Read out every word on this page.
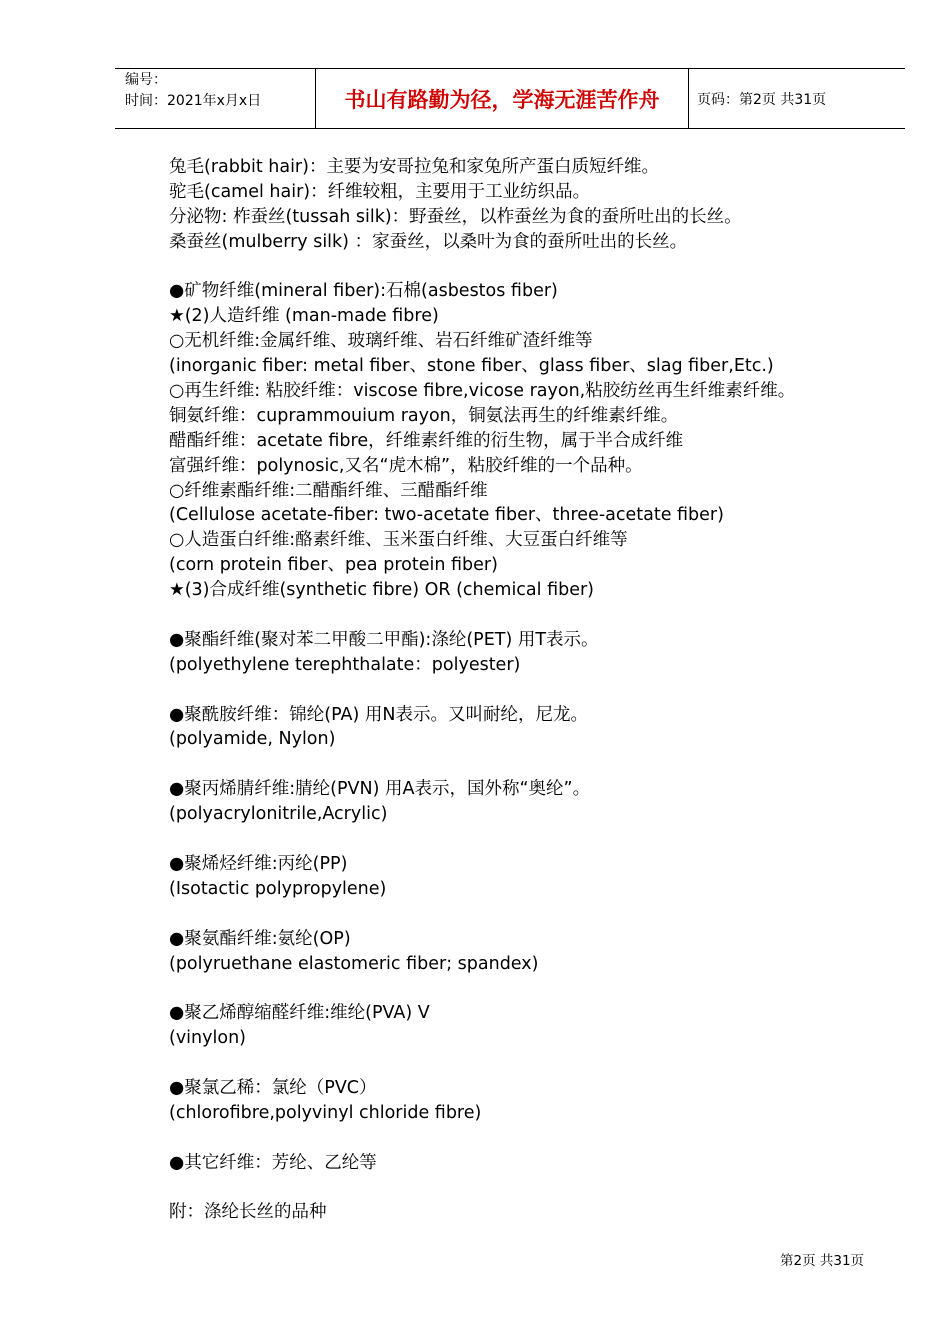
编号：
时间：2021年x月x日	书山有路勤为径，学海无涯苦作舟	页码：第2页 共31页
兔毛(rabbit hair)：主要为安哥拉兔和家兔所产蛋白质短纤维。
驼毛(camel hair)：纤维较粗，主要用于工业纺织品。
分泌物: 柞蚕丝(tussah silk)：野蚕丝，以柞蚕丝为食的蚕所吐出的长丝。
桑蚕丝(mulberry silk) ：家蚕丝，以桑叶为食的蚕所吐出的长丝。
●矿物纤维(mineral fiber):石棉(asbestos fiber)
★(2)人造纤维 (man-made fibre)
○无机纤维:金属纤维、玻璃纤维、岩石纤维矿渣纤维等
(inorganic fiber: metal fiber、stone fiber、glass fiber、slag fiber,Etc.)
○再生纤维: 粘胶纤维：viscose fibre,vicose rayon,粘胶纺丝再生纤维素纤维。
铜氨纤维：cuprammouium rayon，铜氨法再生的纤维素纤维。
醋酯纤维：acetate fibre，纤维素纤维的衍生物，属于半合成纤维
富强纤维：polynosic,又名“虎木棉”，粘胶纤维的一个品种。
○纤维素酯纤维:二醋酯纤维、三醋酯纤维
(Cellulose acetate-fiber: two-acetate fiber、three-acetate fiber)
○人造蛋白纤维:酪素纤维、玉米蛋白纤维、大豆蛋白纤维等
(corn protein fiber、pea protein fiber)
★(3)合成纤维(synthetic fibre) OR (chemical fiber)
●聚酯纤维(聚对苯二甲酸二甲酯):涤纶(PET) 用T表示。
(polyethylene terephthalate：polyester)
●聚酰胺纤维：锦纶(PA) 用N表示。又叫耐纶，尼龙。
(polyamide, Nylon)
●聚丙烯腈纤维:腈纶(PVN) 用A表示，国外称“奥纶”。
(polyacrylonitrile,Acrylic)
●聚烯烃纤维:丙纶(PP)
(Isotactic polypropylene)
●聚氨酯纤维:氨纶(OP)
(polyruethane elastomeric fiber; spandex)
●聚乙烯醇缩醛纤维:维纶(PVA) V
(vinylon)
●聚氯乙稀：氯纶（PVC）
(chlorofibre,polyvinyl chloride fibre)
●其它纤维：芳纶、乙纶等
附：涤纶长丝的品种
第2页 共31页
